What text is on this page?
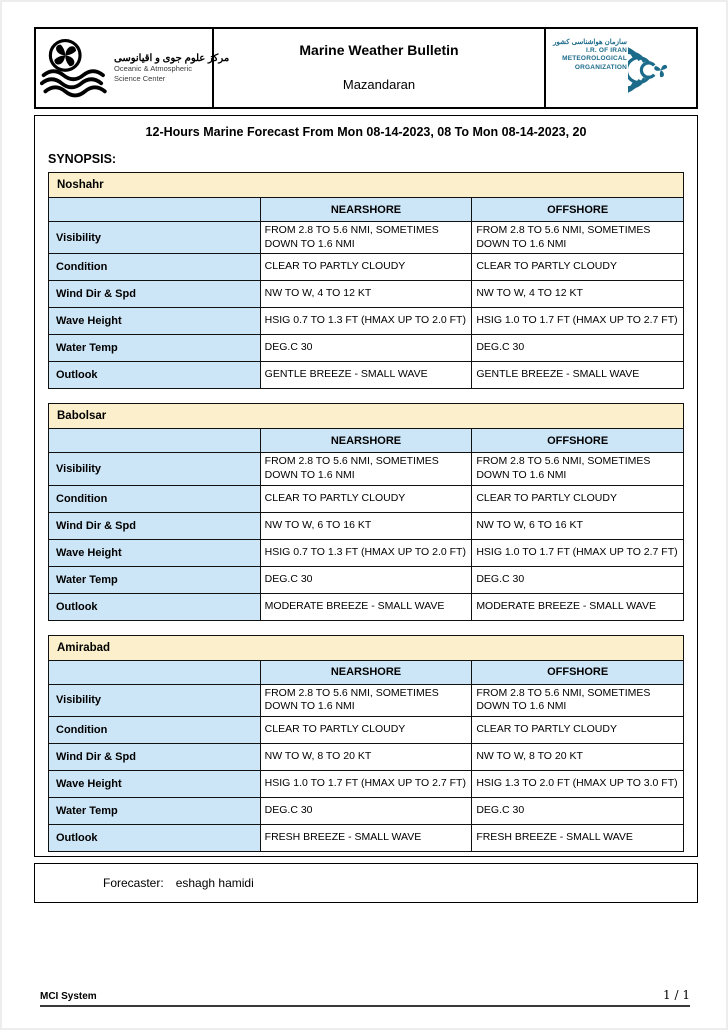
مرکز علوم جوی و اقیانوسی
Oceanic & Atmospheric
Science Center
Marine Weather Bulletin
Mazandaran
سازمان هواشناسی کشور
I.R. OF IRAN
METEOROLOGICAL
ORGANIZATION
12-Hours Marine Forecast From Mon 08-14-2023, 08 To Mon 08-14-2023, 20
SYNOPSIS:
Noshahr		
	NEARSHORE	OFFSHORE
Visibility	FROM 2.8 TO 5.6 NMI, SOMETIMES DOWN TO 1.6 NMI	FROM 2.8 TO 5.6 NMI, SOMETIMES DOWN TO 1.6 NMI
Condition	CLEAR TO PARTLY CLOUDY	CLEAR TO PARTLY CLOUDY
Wind Dir & Spd	NW TO W, 4 TO 12 KT	NW TO W, 4 TO 12 KT
Wave Height	HSIG 0.7 TO 1.3 FT (HMAX UP TO 2.0 FT)	HSIG 1.0 TO 1.7 FT (HMAX UP TO 2.7 FT)
Water Temp	DEG.C 30	DEG.C 30
Outlook	GENTLE BREEZE - SMALL WAVE	GENTLE BREEZE - SMALL WAVE
Babolsar		
	NEARSHORE	OFFSHORE
Visibility	FROM 2.8 TO 5.6 NMI, SOMETIMES DOWN TO 1.6 NMI	FROM 2.8 TO 5.6 NMI, SOMETIMES DOWN TO 1.6 NMI
Condition	CLEAR TO PARTLY CLOUDY	CLEAR TO PARTLY CLOUDY
Wind Dir & Spd	NW TO W, 6 TO 16 KT	NW TO W, 6 TO 16 KT
Wave Height	HSIG 0.7 TO 1.3 FT (HMAX UP TO 2.0 FT)	HSIG 1.0 TO 1.7 FT (HMAX UP TO 2.7 FT)
Water Temp	DEG.C 30	DEG.C 30
Outlook	MODERATE BREEZE - SMALL WAVE	MODERATE BREEZE - SMALL WAVE
Amirabad		
	NEARSHORE	OFFSHORE
Visibility	FROM 2.8 TO 5.6 NMI, SOMETIMES DOWN TO 1.6 NMI	FROM 2.8 TO 5.6 NMI, SOMETIMES DOWN TO 1.6 NMI
Condition	CLEAR TO PARTLY CLOUDY	CLEAR TO PARTLY CLOUDY
Wind Dir & Spd	NW TO W, 8 TO 20 KT	NW TO W, 8 TO 20 KT
Wave Height	HSIG 1.0 TO 1.7 FT (HMAX UP TO 2.7 FT)	HSIG 1.3 TO 2.0 FT (HMAX UP TO 3.0 FT)
Water Temp	DEG.C 30	DEG.C 30
Outlook	FRESH BREEZE - SMALL WAVE	FRESH BREEZE - SMALL WAVE
Forecaster: eshagh hamidi
MCI System	1 / 1
